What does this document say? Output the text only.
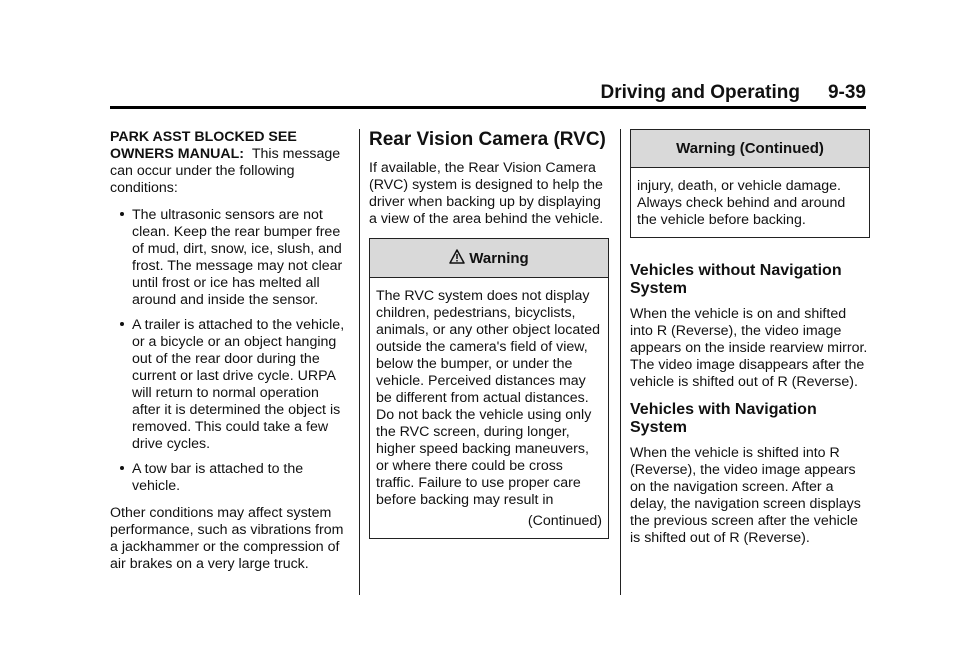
Driving and Operating	9-39

PARK ASST BLOCKED SEE OWNERS MANUAL: This message can occur under the following conditions:

The ultrasonic sensors are not clean. Keep the rear bumper free of mud, dirt, snow, ice, slush, and frost. The message may not clear until frost or ice has melted all around and inside the sensor.
A trailer is attached to the vehicle, or a bicycle or an object hanging out of the rear door during the current or last drive cycle. URPA will return to normal operation after it is determined the object is removed. This could take a few drive cycles.
A tow bar is attached to the vehicle.

Other conditions may affect system performance, such as vibrations from a jackhammer or the compression of air brakes on a very large truck.

Rear Vision Camera (RVC)

If available, the Rear Vision Camera (RVC) system is designed to help the driver when backing up by displaying a view of the area behind the vehicle.

Warning
The RVC system does not display children, pedestrians, bicyclists, animals, or any other object located outside the camera's field of view, below the bumper, or under the vehicle. Perceived distances may be different from actual distances. Do not back the vehicle using only the RVC screen, during longer, higher speed backing maneuvers, or where there could be cross traffic. Failure to use proper care before backing may result in
(Continued)
Warning (Continued)
injury, death, or vehicle damage. Always check behind and around the vehicle before backing.
Vehicles without Navigation System

When the vehicle is on and shifted into R (Reverse), the video image appears on the inside rearview mirror. The video image disappears after the vehicle is shifted out of R (Reverse).

Vehicles with Navigation System

When the vehicle is shifted into R (Reverse), the video image appears on the navigation screen. After a delay, the navigation screen displays the previous screen after the vehicle is shifted out of R (Reverse).
